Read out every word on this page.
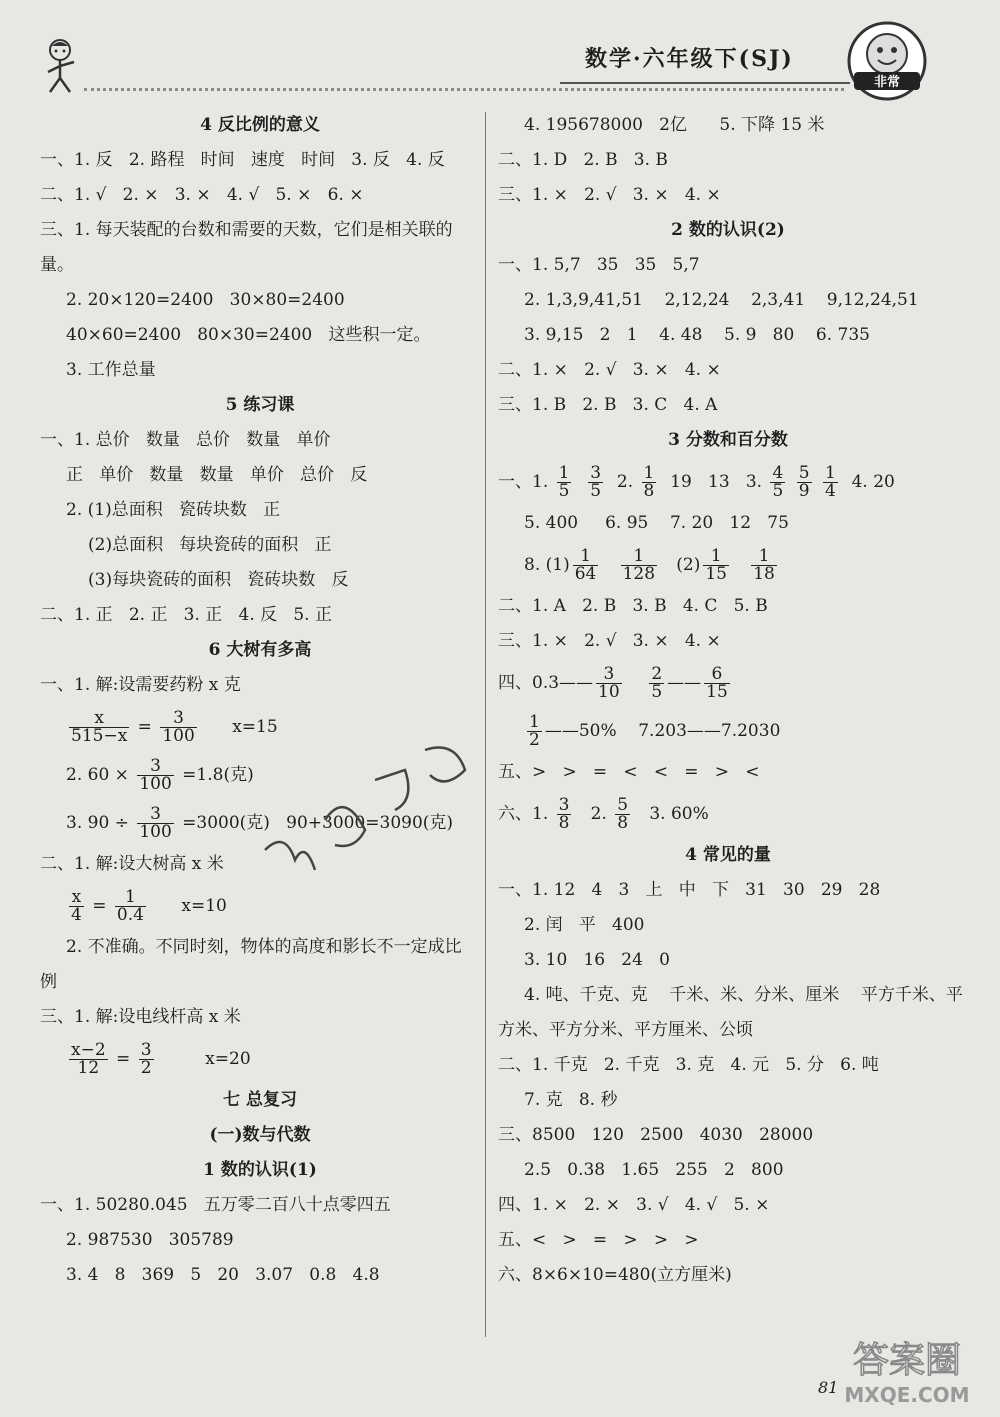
数学·六年级下(SJ)
非常
4 反比例的意义
一、1. 反   2. 路程   时间   速度   时间   3. 反   4. 反
二、1. √   2. ×   3. ×   4. √   5. ×   6. ×
三、1. 每天装配的台数和需要的天数，它们是相关联的
量。
2. 20×120=2400   30×80=2400
40×60=2400   80×30=2400   这些积一定。
3. 工作总量
5 练习课
一、1. 总价   数量   总价   数量   单价
正   单价   数量   数量   单价   总价   反
2. (1)总面积   瓷砖块数   正
(2)总面积   每块瓷砖的面积   正
(3)每块瓷砖的面积   瓷砖块数   反
二、1. 正   2. 正   3. 正   4. 反   5. 正
6 大树有多高
一、1. 解:设需要药粉 x 克
$\frac{x}{515-x} = \frac{3}{100} x=15$
2. $60 \times \frac{3}{100} =1.8$(克)
3. $90 \div \frac{3}{100} =3000$(克)   90+3000=3090(克)
二、1. 解:设大树高 x 米
$\frac{x}{4} = \frac{1}{0.4} x=10$
2. 不准确。不同时刻，物体的高度和影长不一定成比
例
三、1. 解:设电线杆高 x 米
$\frac{x-2}{12} = \frac{3}{2} x=20$
七 总复习
(一)数与代数
1 数的认识(1)
一、1. 50280.045   五万零二百八十点零四五
2. 987530   305789
3. 4   8   369   5   20   3.07   0.8   4.8
4. 195678000   2亿      5. 下降 15 米
二、1. D   2. B   3. B
三、1. ×   2. √   3. ×   4. ×
2 数的认识(2)
一、1. 5,7   35   35   5,7
2. 1,3,9,41,51    2,12,24    2,3,41    9,12,24,51
3. 9,15   2   1    4. 48    5. 9   80    6. 735
二、1. ×   2. √   3. ×   4. ×
三、1. B   2. B   3. C   4. A
3 分数和百分数
一、1. $\frac{1}{5}$
$\frac{3}{5} 2$. $\frac{1}{8} 19$   13   3. $\frac{4}{5}$
$\frac{5}{9}$
$\frac{1}{4} 4$. 20
5. 400     6. 95    7. 20   12   75
8. $(1) \frac{1}{64}$
$\frac{1}{128} (2) \frac{1}{15}$
$\frac{1}{18}$
二、1. A   2. B   3. B   4. C   5. B
三、1. ×   2. √   3. ×   4. ×
四、0.3—— $\frac{3}{10}$
$\frac{2}{5}$ —— $\frac{6}{15}$
$\frac{1}{2}$ ——50%    7.203——7.2030
五、>   >   =   <   <   =   >   <
六、1. $\frac{3}{8} 2$. $\frac{5}{8} 3$. 60%
4 常见的量
一、1. 12   4   3   上   中   下   31   30   29   28
2. 闰   平   400
3. 10   16   24   0
4. 吨、千克、克    千米、米、分米、厘米    平方千米、平
方米、平方分米、平方厘米、公顷
二、1. 千克   2. 千克   3. 克   4. 元   5. 分   6. 吨
7. 克   8. 秒
三、8500   120   2500   4030   28000
2.5   0.38   1.65   255   2   800
四、1. ×   2. ×   3. √   4. √   5. ×
五、<   >   =   >   >   >
六、8×6×10=480(立方厘米)
81
答案圈
MXQE.COM
